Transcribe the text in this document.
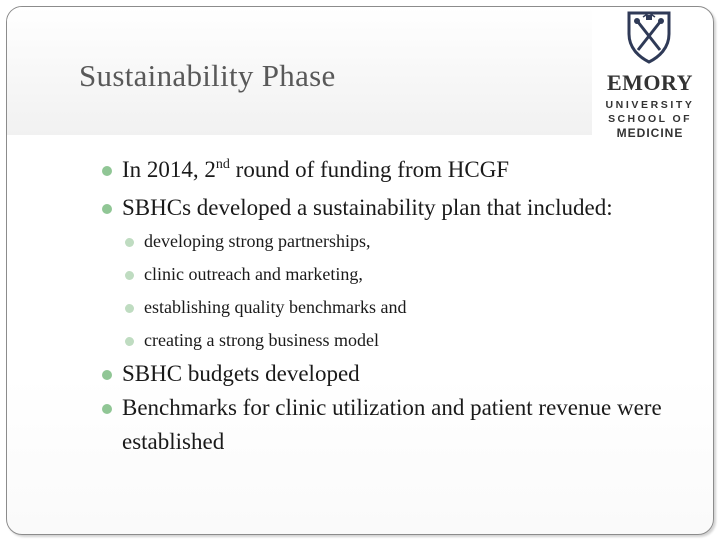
Sustainability Phase	EMORY
UNIVERSITY
SCHOOL OF
MEDICINE
In 2014, 2nd round of funding from HCGF
SBHCs developed a sustainability plan that included:
developing strong partnerships,
clinic outreach and marketing,
establishing quality benchmarks and
creating a strong business model
SBHC budgets developed
Benchmarks for clinic utilization and patient revenue were established
